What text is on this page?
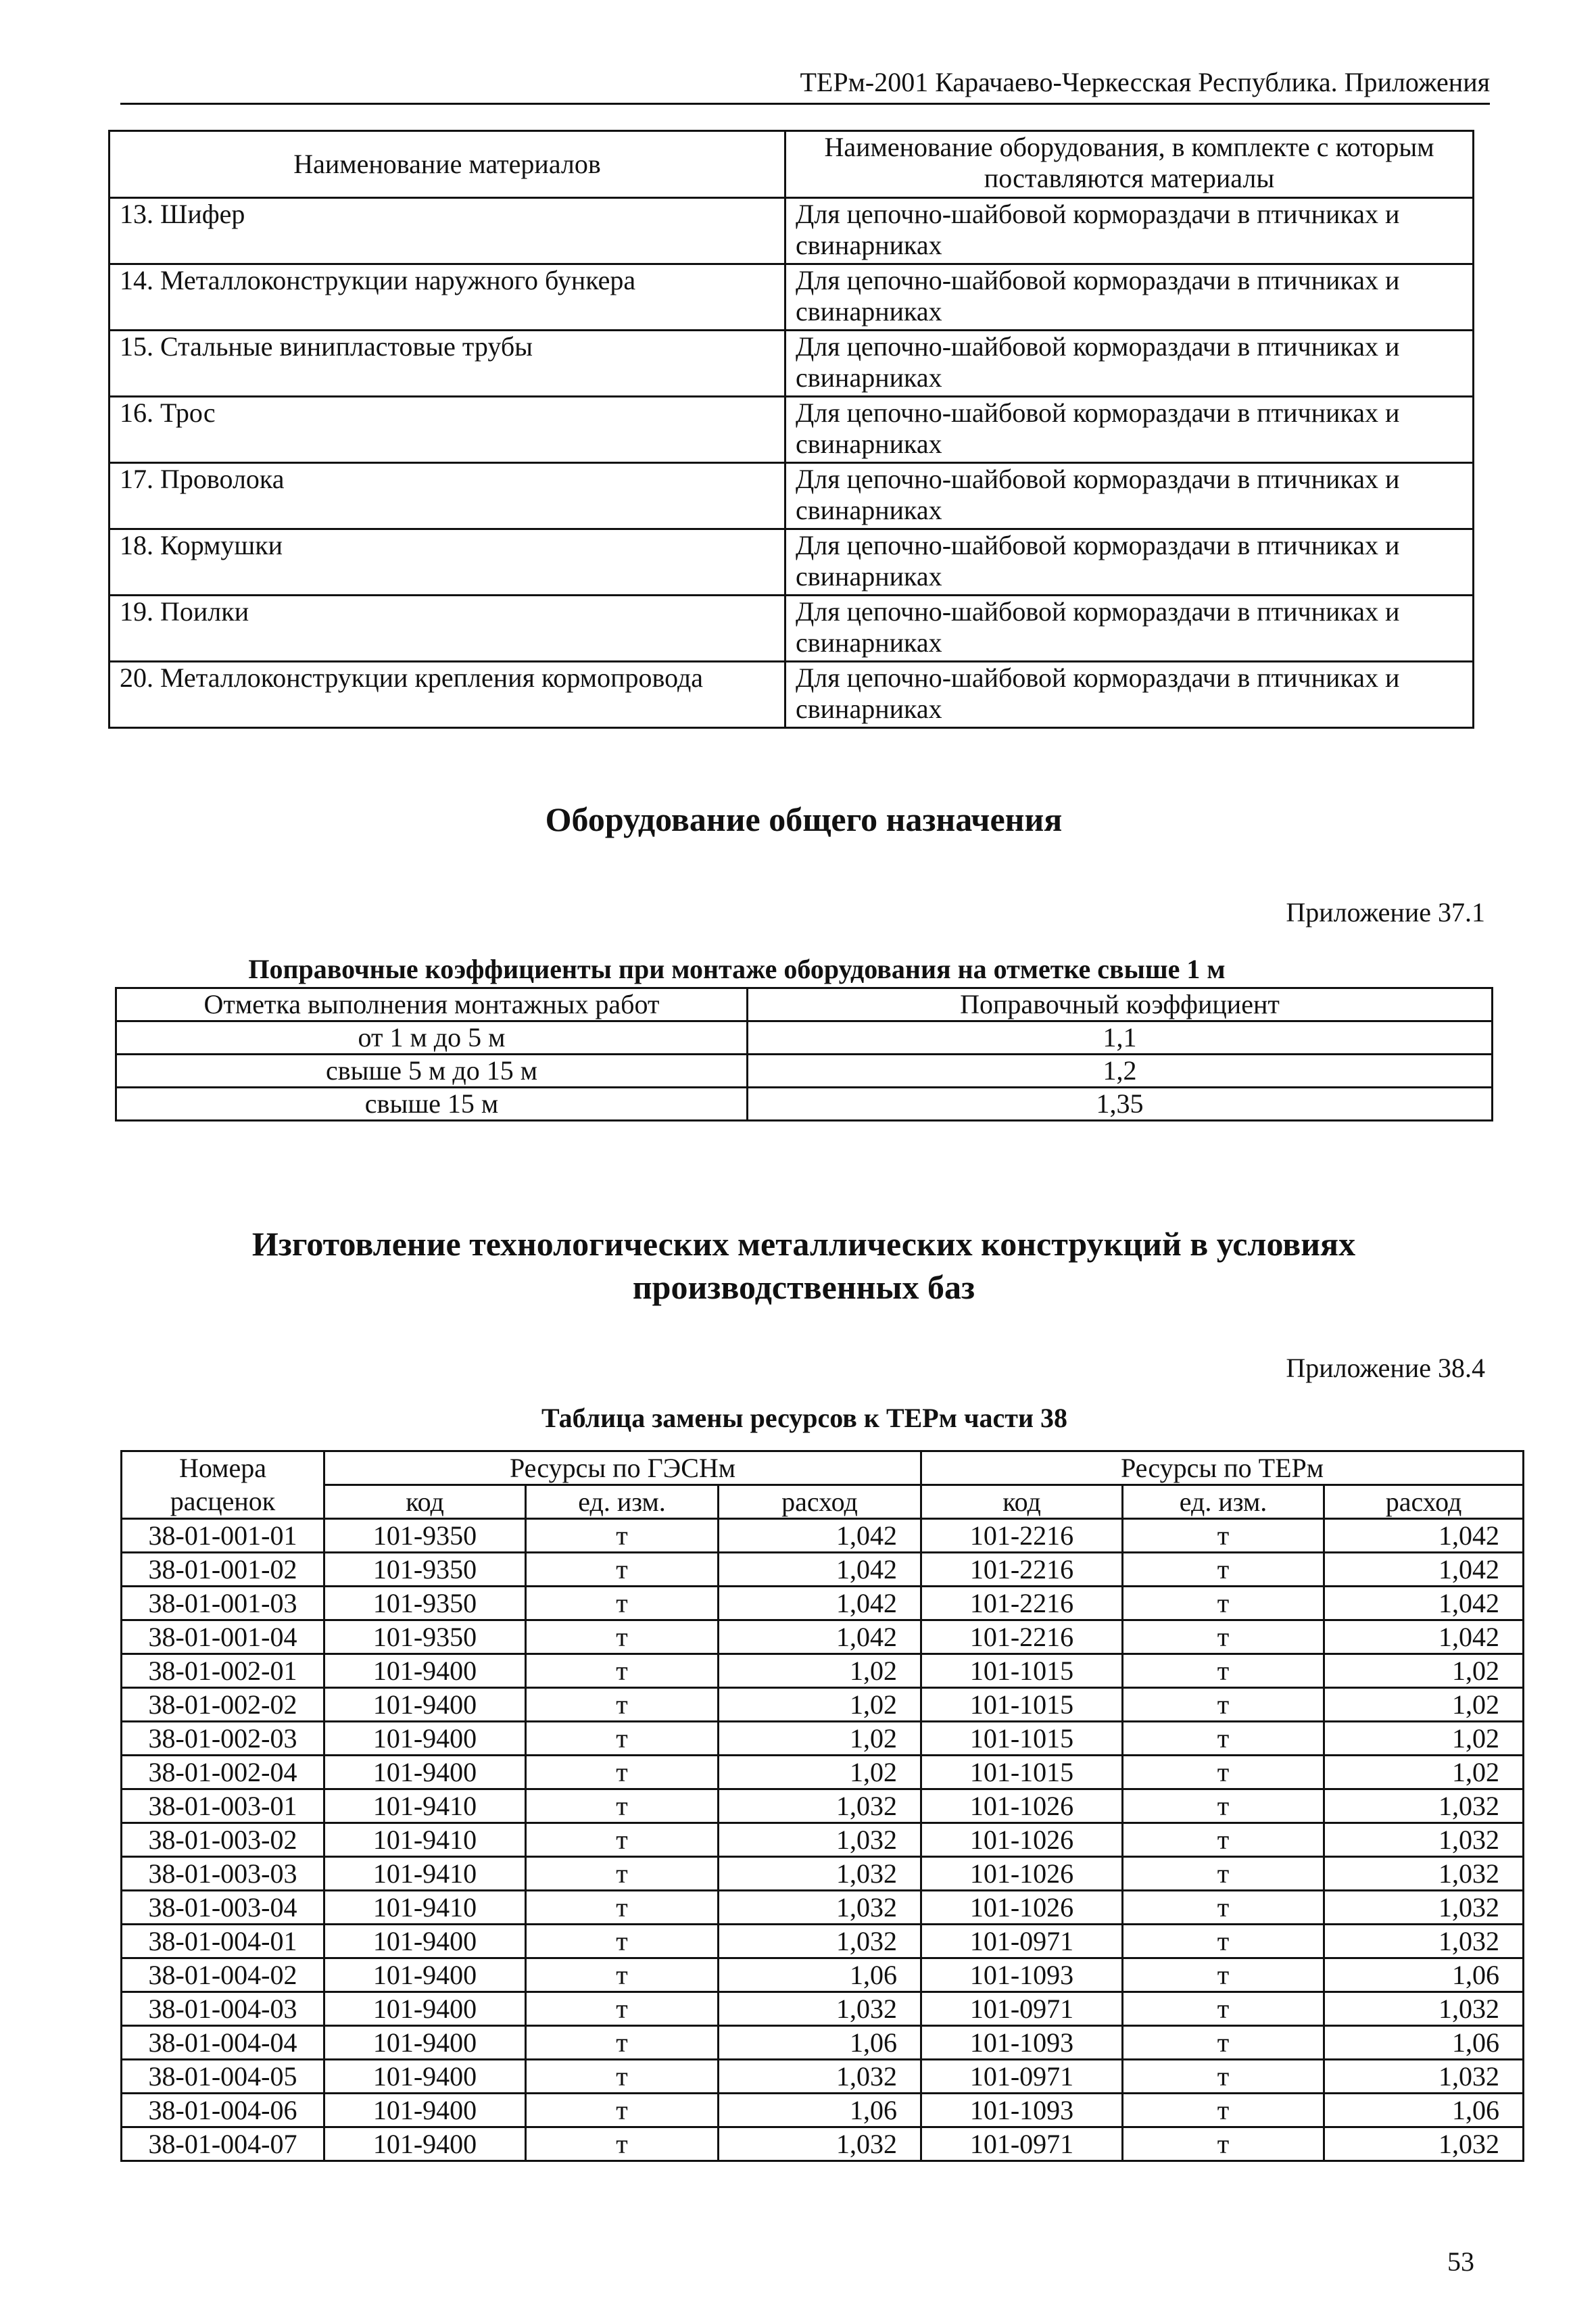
ТЕРм-2001 Карачаево-Черкесская Республика. Приложения
Наименование материалов	Наименование оборудования, в комплекте с которым поставляются материалы
13. Шифер	Для цепочно-шайбовой кормораздачи в птичниках и свинарниках
14. Металлоконструкции наружного бункера	Для цепочно-шайбовой кормораздачи в птичниках и свинарниках
15. Стальные винипластовые трубы	Для цепочно-шайбовой кормораздачи в птичниках и свинарниках
16. Трос	Для цепочно-шайбовой кормораздачи в птичниках и свинарниках
17. Проволока	Для цепочно-шайбовой кормораздачи в птичниках и свинарниках
18. Кормушки	Для цепочно-шайбовой кормораздачи в птичниках и свинарниках
19. Поилки	Для цепочно-шайбовой кормораздачи в птичниках и свинарниках
20. Металлоконструкции крепления кормопровода	Для цепочно-шайбовой кормораздачи в птичниках и свинарниках
Оборудование общего назначения
Приложение 37.1
Поправочные коэффициенты при монтаже оборудования на отметке свыше 1 м
Отметка выполнения монтажных работ	Поправочный коэффициент
от 1 м до 5 м	1,1
свыше 5 м до 15 м	1,2
свыше 15 м	1,35
Изготовление технологических металлических конструкций в условиях
производственных баз
Приложение 38.4
Таблица замены ресурсов к ТЕРм части 38
Номера	Ресурсы по ГЭСНм			Ресурсы по ТЕРм		
расценок	код	ед. изм.	расход	код	ед. изм.	расход
38-01-001-01	101-9350	т	1,042	101-2216	т	1,042
38-01-001-02	101-9350	т	1,042	101-2216	т	1,042
38-01-001-03	101-9350	т	1,042	101-2216	т	1,042
38-01-001-04	101-9350	т	1,042	101-2216	т	1,042
38-01-002-01	101-9400	т	1,02	101-1015	т	1,02
38-01-002-02	101-9400	т	1,02	101-1015	т	1,02
38-01-002-03	101-9400	т	1,02	101-1015	т	1,02
38-01-002-04	101-9400	т	1,02	101-1015	т	1,02
38-01-003-01	101-9410	т	1,032	101-1026	т	1,032
38-01-003-02	101-9410	т	1,032	101-1026	т	1,032
38-01-003-03	101-9410	т	1,032	101-1026	т	1,032
38-01-003-04	101-9410	т	1,032	101-1026	т	1,032
38-01-004-01	101-9400	т	1,032	101-0971	т	1,032
38-01-004-02	101-9400	т	1,06	101-1093	т	1,06
38-01-004-03	101-9400	т	1,032	101-0971	т	1,032
38-01-004-04	101-9400	т	1,06	101-1093	т	1,06
38-01-004-05	101-9400	т	1,032	101-0971	т	1,032
38-01-004-06	101-9400	т	1,06	101-1093	т	1,06
38-01-004-07	101-9400	т	1,032	101-0971	т	1,032
53
